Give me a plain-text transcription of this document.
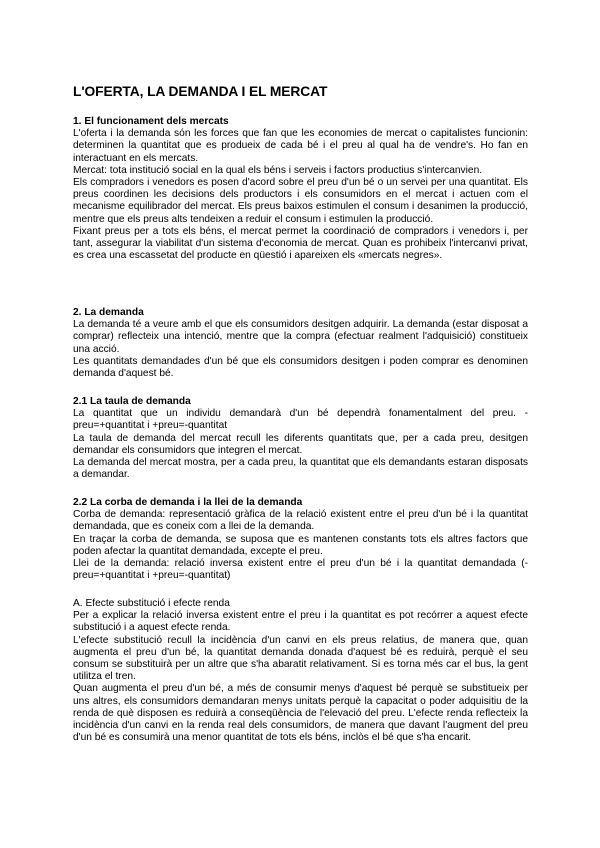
L'OFERTA, LA DEMANDA I EL MERCAT
1. El funcionament dels mercats

L'oferta i la demanda són les forces que fan que les economies de mercat o capitalistes funcionin: determinen la quantitat que es produeix de cada bé i el preu al qual ha de vendre's. Ho fan en interactuant en els mercats.

Mercat: tota institució social en la qual els béns i serveis i factors productius s'intercanvien.

Els compradors i venedors es posen d'acord sobre el preu d'un bé o un servei per una quantitat. Els preus coordinen les decisions dels productors i els consumidors en el mercat i actuen com el mecanisme equilibrador del mercat. Els preus baixos estimulen el consum i desanimen la producció, mentre que els preus alts tendeixen a reduir el consum i estimulen la producció.

Fixant preus per a tots els béns, el mercat permet la coordinació de compradors i venedors i, per tant, assegurar la viabilitat d'un sistema d'economia de mercat. Quan es prohibeix l'intercanvi privat, es crea una escassetat del producte en qüestió i apareixen els «mercats negres».

2. La demanda

La demanda té a veure amb el que els consumidors desitgen adquirir. La demanda (estar disposat a comprar) reflecteix una intenció, mentre que la compra (efectuar realment l'adquisició) constitueix una acció.

Les quantitats demandades d'un bé que els consumidors desitgen i poden comprar es denominen demanda d'aquest bé.

2.1 La taula de demanda

La quantitat que un individu demandarà d'un bé dependrà fonamentalment del preu. -preu=+quantitat i +preu=-quantitat

La taula de demanda del mercat recull les diferents quantitats que, per a cada preu, desitgen demandar els consumidors que integren el mercat.

La demanda del mercat mostra, per a cada preu, la quantitat que els demandants estaran disposats a demandar.

2.2 La corba de demanda i la llei de la demanda

Corba de demanda: representació gràfica de la relació existent entre el preu d'un bé i la quantitat demandada, que es coneix com a llei de la demanda.

En traçar la corba de demanda, se suposa que es mantenen constants tots els altres factors que poden afectar la quantitat demandada, excepte el preu.

Llei de la demanda: relació inversa existent entre el preu d'un bé i la quantitat demandada (-preu=+quantitat i +preu=-quantitat)

A. Efecte substitució i efecte renda

Per a explicar la relació inversa existent entre el preu i la quantitat es pot recórrer a aquest efecte substitució i a aquest efecte renda.

L'efecte substitució recull la incidència d'un canvi en els preus relatius, de manera que, quan augmenta el preu d'un bé, la quantitat demanda donada d'aquest bé es reduirà, perquè el seu consum se substituirà per un altre que s'ha abaratit relativament. Si es torna més car el bus, la gent utilitza el tren.

Quan augmenta el preu d'un bé, a més de consumir menys d'aquest bé perquè se substitueix per uns altres, els consumidors demandaran menys unitats perquè la capacitat o poder adquisitiu de la renda de què disposen es reduirà a conseqüència de l'elevació del preu. L'efecte renda reflecteix la incidència d'un canvi en la renda real dels consumidors, de manera que davant l'augment del preu d'un bé es consumirà una menor quantitat de tots els béns, inclòs el bé que s'ha encarit.
